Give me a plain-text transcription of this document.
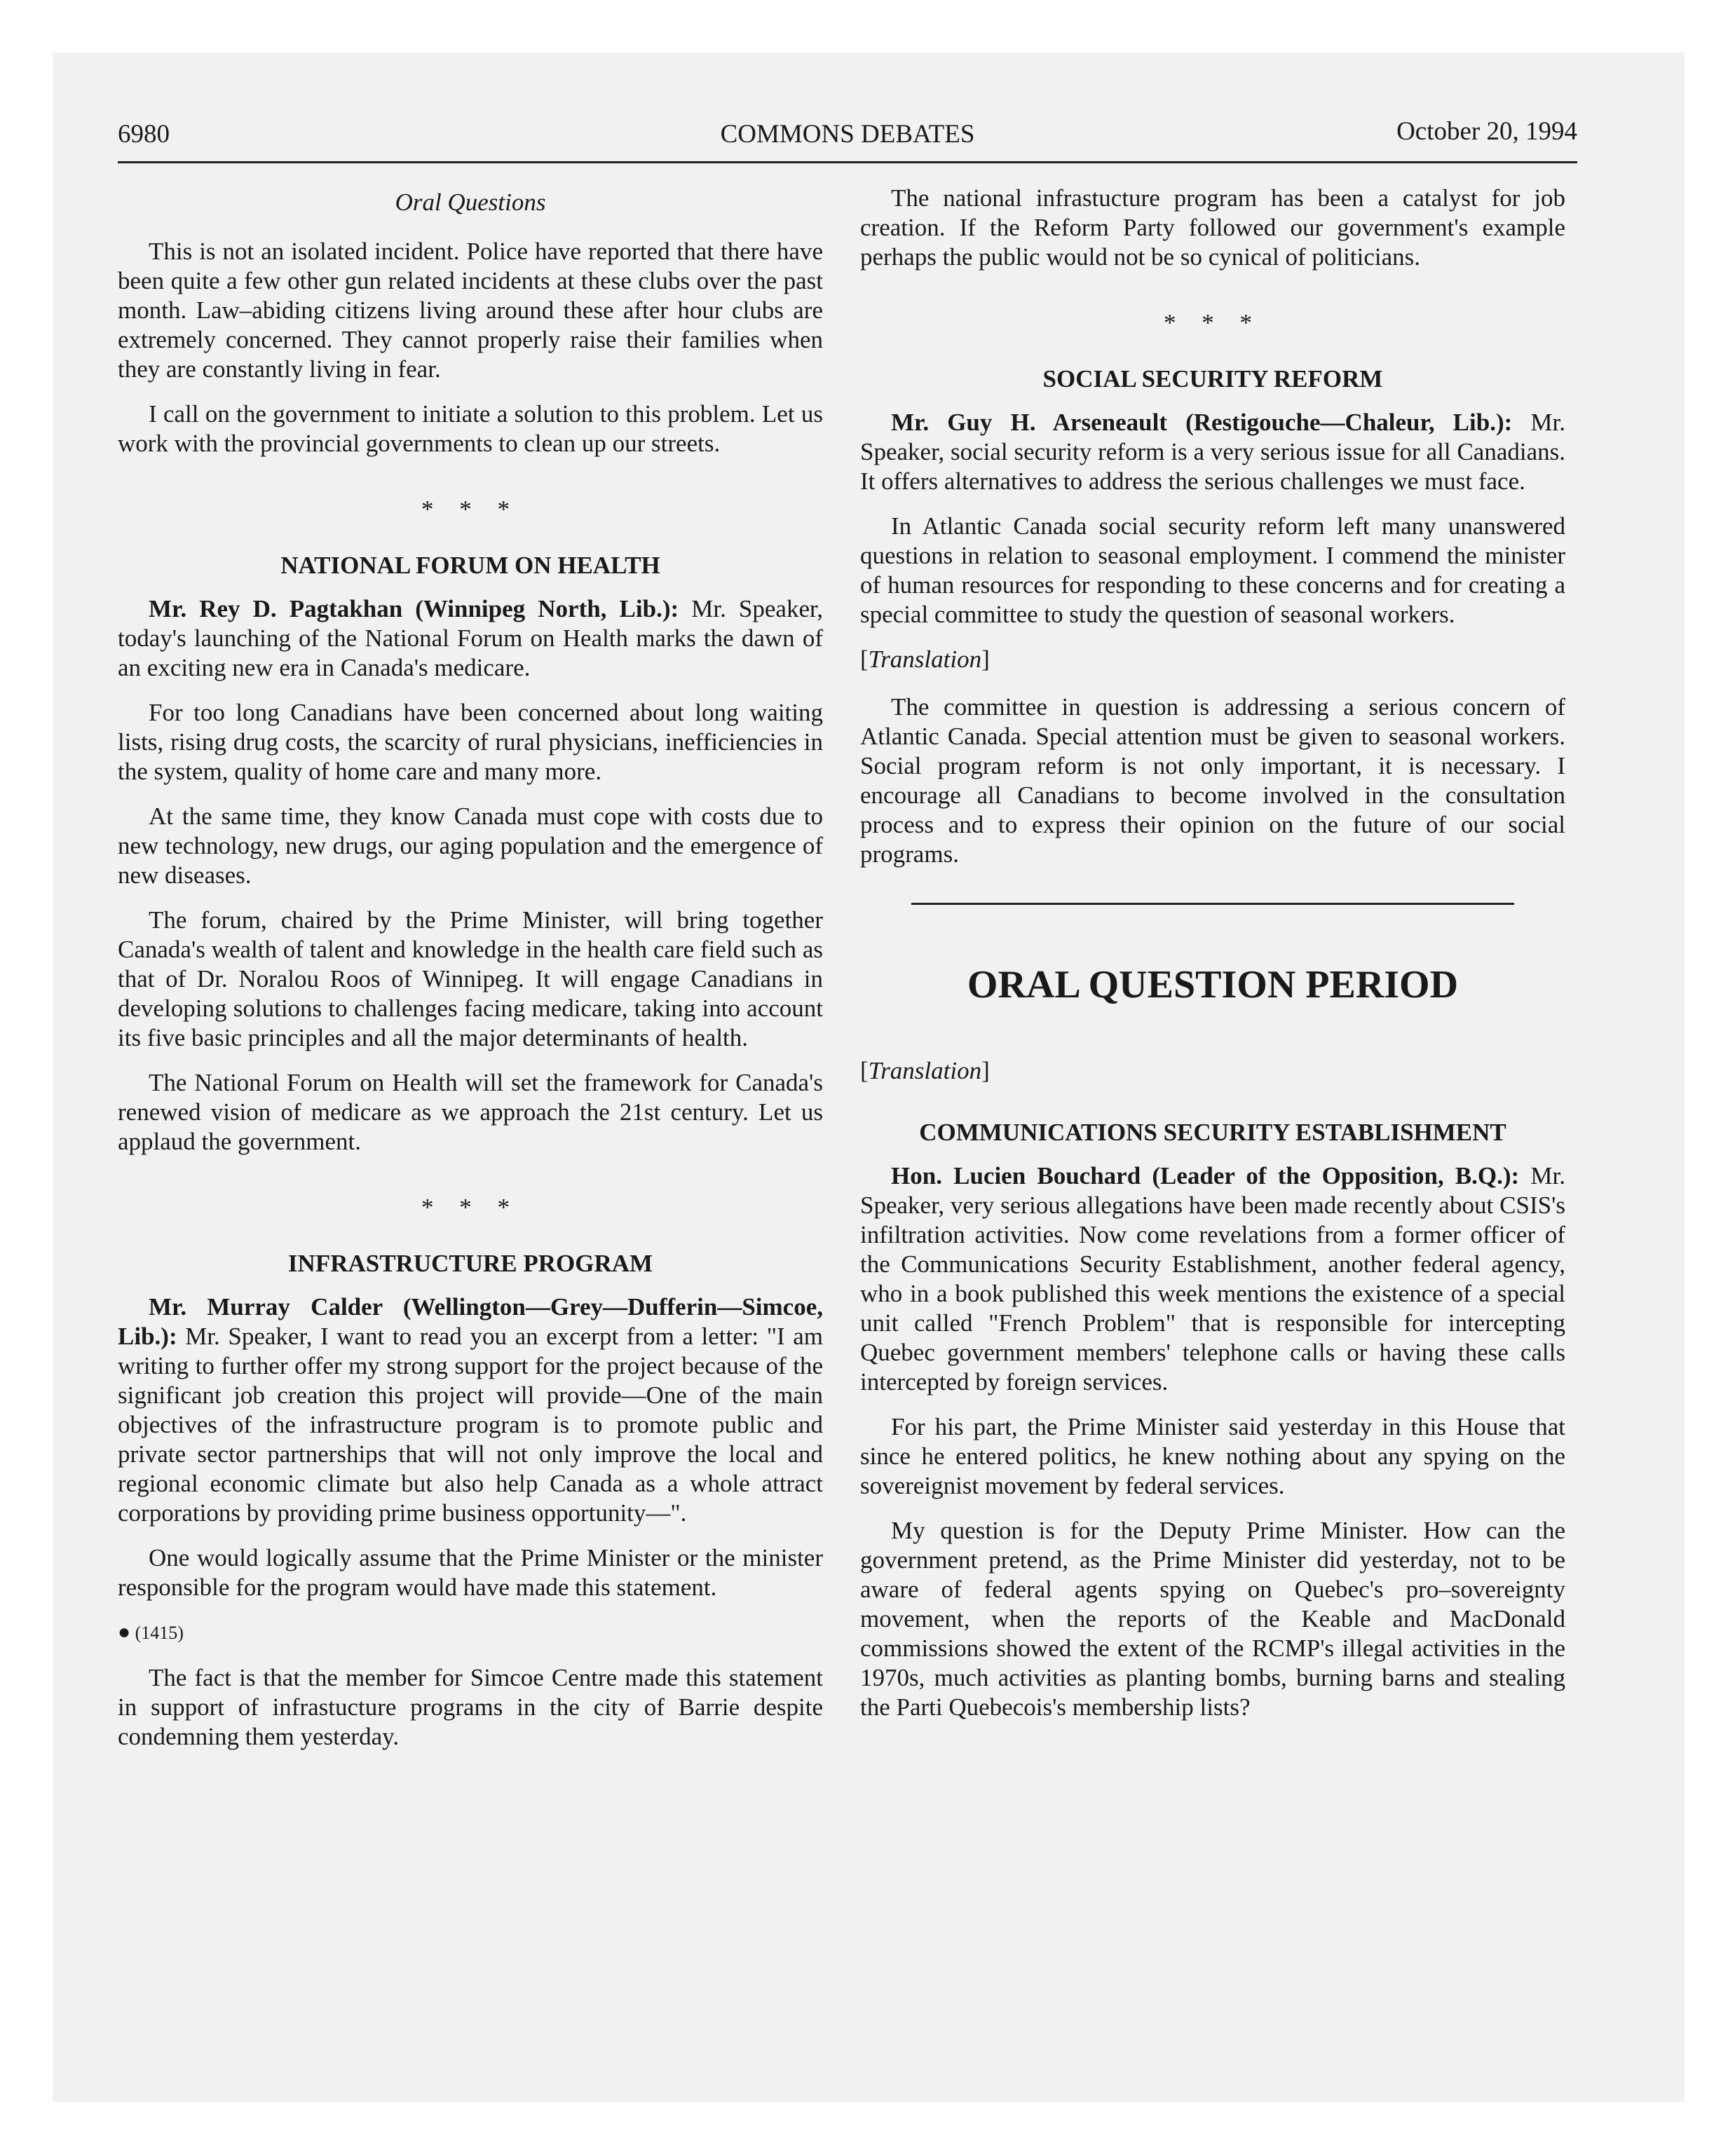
6980	COMMONS DEBATES	October 20, 1994
Oral Questions

This is not an isolated incident. Police have reported that there have been quite a few other gun related incidents at these clubs over the past month. Law–abiding citizens living around these after hour clubs are extremely concerned. They cannot properly raise their families when they are constantly living in fear.

I call on the government to initiate a solution to this problem. Let us work with the provincial governments to clean up our streets.

* * *
NATIONAL FORUM ON HEALTH

Mr. Rey D. Pagtakhan (Winnipeg North, Lib.): Mr. Speaker, today's launching of the National Forum on Health marks the dawn of an exciting new era in Canada's medicare.

For too long Canadians have been concerned about long waiting lists, rising drug costs, the scarcity of rural physicians, inefficiencies in the system, quality of home care and many more.

At the same time, they know Canada must cope with costs due to new technology, new drugs, our aging population and the emergence of new diseases.

The forum, chaired by the Prime Minister, will bring together Canada's wealth of talent and knowledge in the health care field such as that of Dr. Noralou Roos of Winnipeg. It will engage Canadians in developing solutions to challenges facing medicare, taking into account its five basic principles and all the major determinants of health.

The National Forum on Health will set the framework for Canada's renewed vision of medicare as we approach the 21st century. Let us applaud the government.

* * *
INFRASTRUCTURE PROGRAM

Mr. Murray Calder (Wellington—Grey—Dufferin—Simcoe, Lib.): Mr. Speaker, I want to read you an excerpt from a letter: "I am writing to further offer my strong support for the project because of the significant job creation this project will provide—One of the main objectives of the infrastructure program is to promote public and private sector partnerships that will not only improve the local and regional economic climate but also help Canada as a whole attract corporations by providing prime business opportunity—".

One would logically assume that the Prime Minister or the minister responsible for the program would have made this statement.

● (1415)

The fact is that the member for Simcoe Centre made this statement in support of infrastucture programs in the city of Barrie despite condemning them yesterday.

The national infrastucture program has been a catalyst for job creation. If the Reform Party followed our government's example perhaps the public would not be so cynical of politicians.

* * *
SOCIAL SECURITY REFORM

Mr. Guy H. Arseneault (Restigouche—Chaleur, Lib.): Mr. Speaker, social security reform is a very serious issue for all Canadians. It offers alternatives to address the serious challenges we must face.

In Atlantic Canada social security reform left many unanswered questions in relation to seasonal employment. I commend the minister of human resources for responding to these concerns and for creating a special committee to study the question of seasonal workers.

[Translation]

The committee in question is addressing a serious concern of Atlantic Canada. Special attention must be given to seasonal workers. Social program reform is not only important, it is necessary. I encourage all Canadians to become involved in the consultation process and to express their opinion on the future of our social programs.

ORAL QUESTION PERIOD
[Translation]
COMMUNICATIONS SECURITY ESTABLISHMENT

Hon. Lucien Bouchard (Leader of the Opposition, B.Q.): Mr. Speaker, very serious allegations have been made recently about CSIS's infiltration activities. Now come revelations from a former officer of the Communications Security Establishment, another federal agency, who in a book published this week mentions the existence of a special unit called "French Problem" that is responsible for intercepting Quebec government members' telephone calls or having these calls intercepted by foreign services.

For his part, the Prime Minister said yesterday in this House that since he entered politics, he knew nothing about any spying on the sovereignist movement by federal services.

My question is for the Deputy Prime Minister. How can the government pretend, as the Prime Minister did yesterday, not to be aware of federal agents spying on Quebec's pro–sovereignty movement, when the reports of the Keable and MacDonald commissions showed the extent of the RCMP's illegal activities in the 1970s, much activities as planting bombs, burning barns and stealing the Parti Quebecois's membership lists?
